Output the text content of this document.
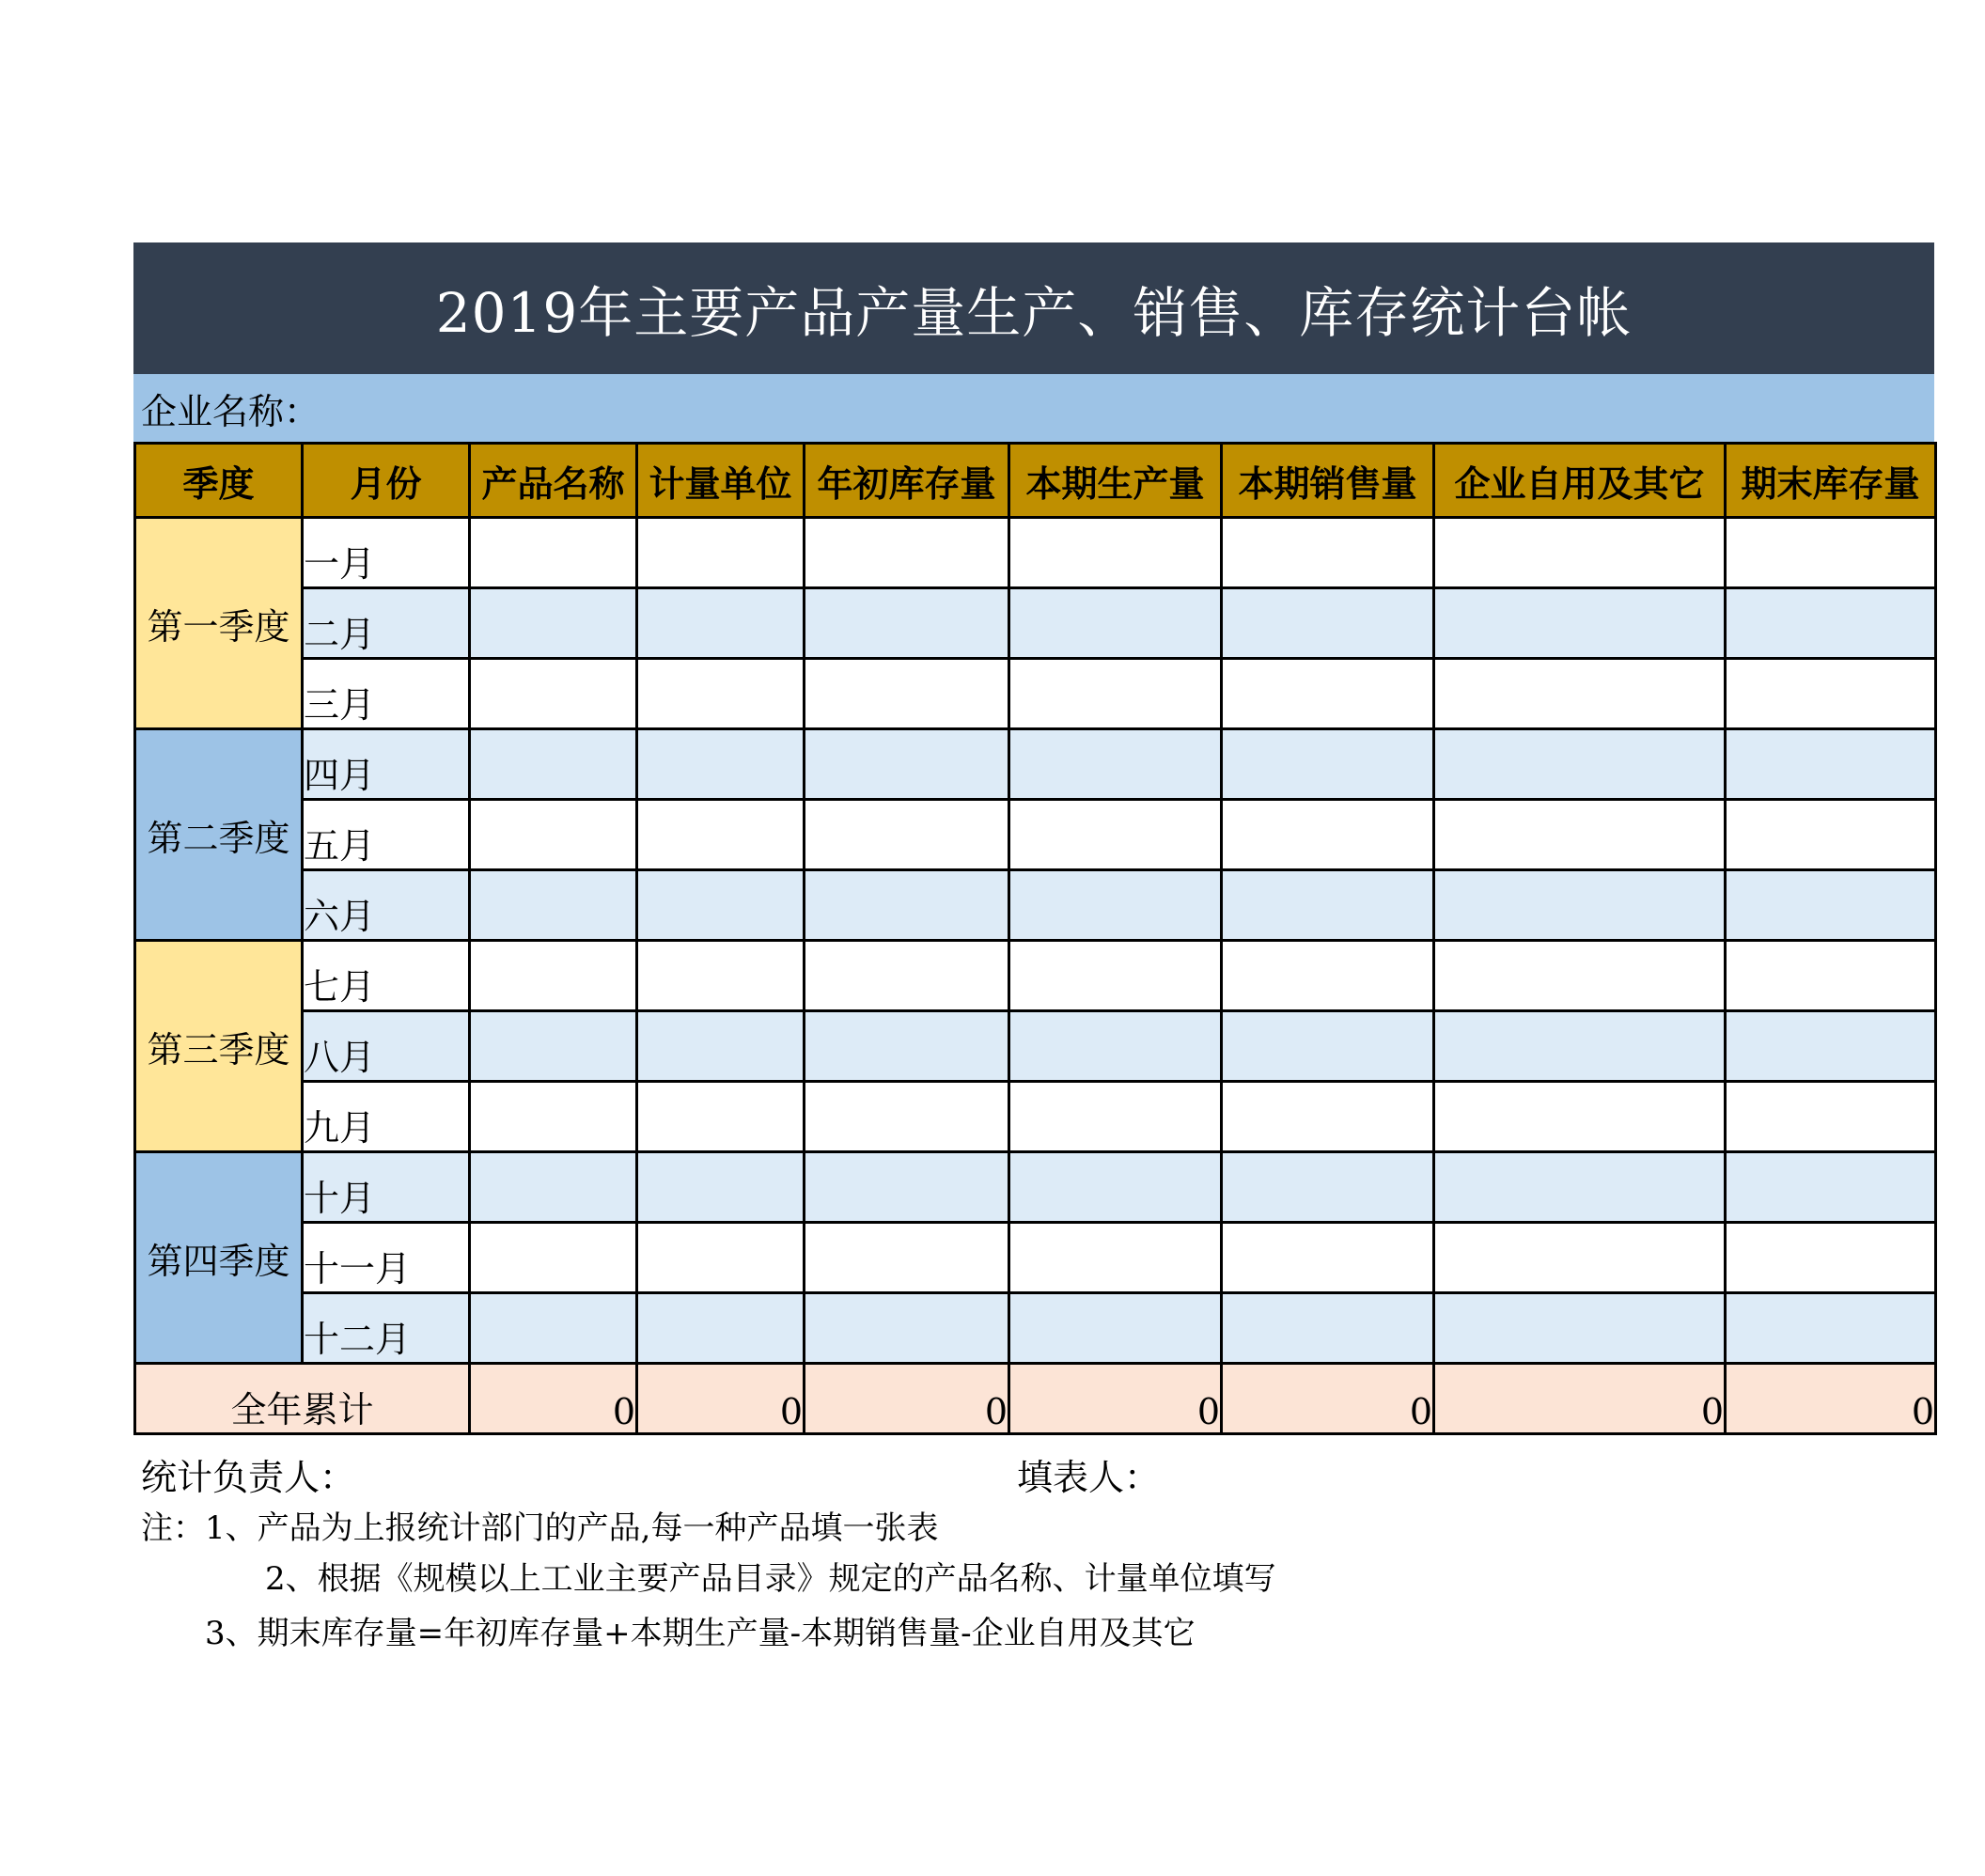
2019年主要产品产量生产、销售、库存统计台帐
企业名称：
季度	月份	产品名称	计量单位	年初库存量	本期生产量	本期销售量	企业自用及其它	期末库存量
第一季度	一月							
	二月							
	三月							
第二季度	四月							
	五月							
	六月							
第三季度	七月							
	八月							
	九月							
第四季度	十月							
	十一月							
	十二月							
全年累计		0	0	0	0	0	0	0
统计负责人：	填表人：
注：1、产品为上报统计部门的产品,每一种产品填一张表
2、根据《规模以上工业主要产品目录》规定的产品名称、计量单位填写
3、期末库存量=年初库存量+本期生产量-本期销售量-企业自用及其它
